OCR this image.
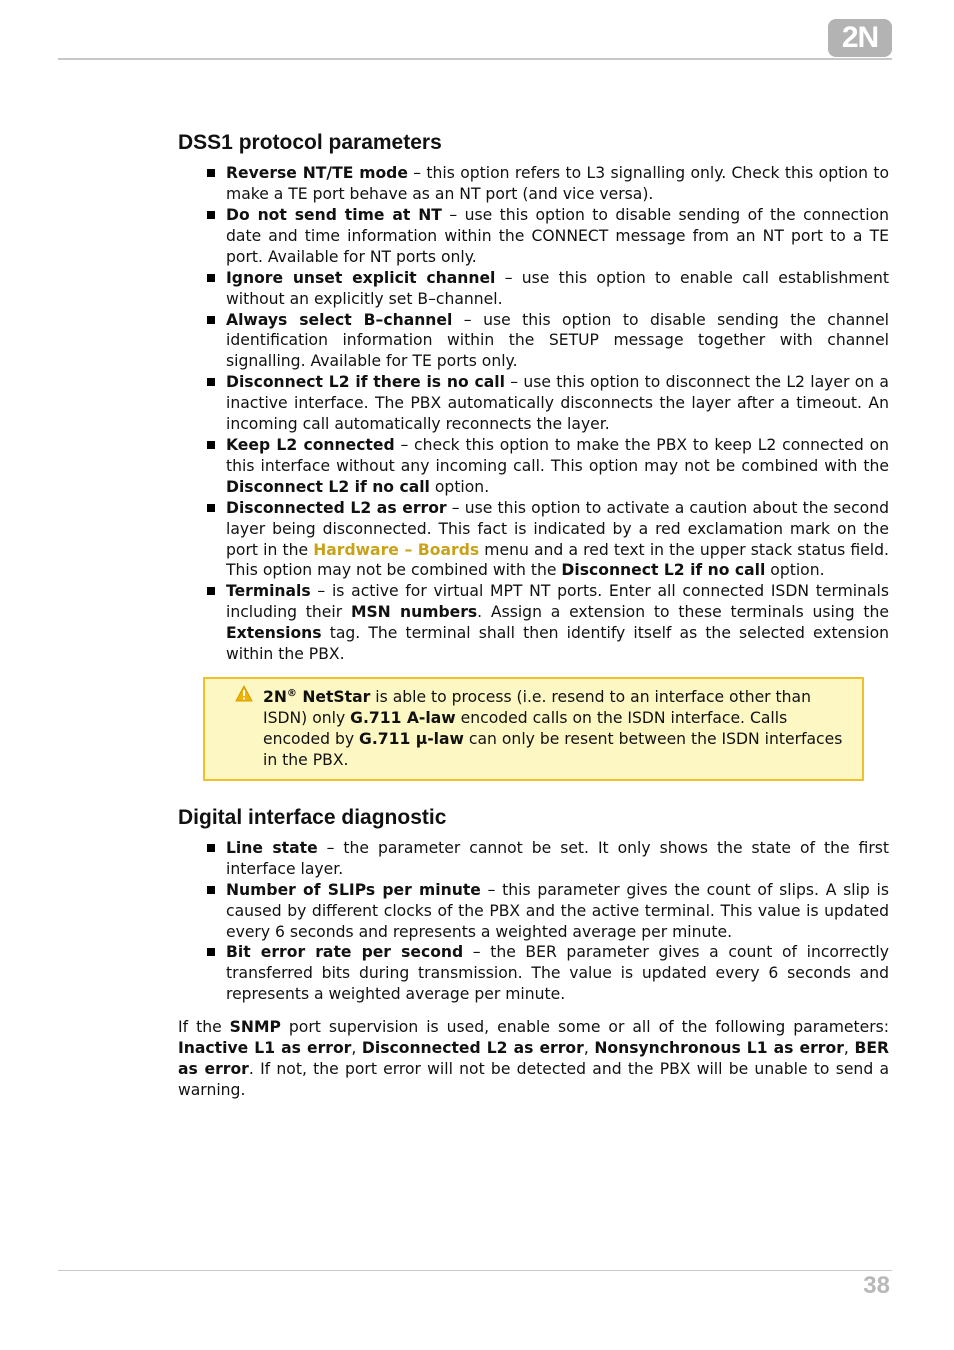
2N
DSS1 protocol parameters
Reverse NT/TE mode – this option refers to L3 signalling only. Check this option to make a TE port behave as an NT port (and vice versa).
Do not send time at NT – use this option to disable sending of the connection date and time information within the CONNECT message from an NT port to a TE port. Available for NT ports only.
Ignore unset explicit channel – use this option to enable call establishment without an explicitly set B–channel.
Always select B–channel – use this option to disable sending the channel identification information within the SETUP message together with channel signalling. Available for TE ports only.
Disconnect L2 if there is no call – use this option to disconnect the L2 layer on a inactive interface. The PBX automatically disconnects the layer after a timeout. An incoming call automatically reconnects the layer.
Keep L2 connected – check this option to make the PBX to keep L2 connected on this interface without any incoming call. This option may not be combined with the Disconnect L2 if no call option.
Disconnected L2 as error – use this option to activate a caution about the second layer being disconnected. This fact is indicated by a red exclamation mark on the port in the Hardware – Boards menu and a red text in the upper stack status field. This option may not be combined with the Disconnect L2 if no call option.
Terminals – is active for virtual MPT NT ports. Enter all connected ISDN terminals including their MSN numbers. Assign a extension to these terminals using the Extensions tag. The terminal shall then identify itself as the selected extension within the PBX.
2N® NetStar is able to process (i.e. resend to an interface other than ISDN) only G.711 A-law encoded calls on the ISDN interface. Calls encoded by G.711 μ-law can only be resent between the ISDN interfaces in the PBX.
Digital interface diagnostic
Line state – the parameter cannot be set. It only shows the state of the first interface layer.
Number of SLIPs per minute – this parameter gives the count of slips. A slip is caused by different clocks of the PBX and the active terminal. This value is updated every 6 seconds and represents a weighted average per minute.
Bit error rate per second – the BER parameter gives a count of incorrectly transferred bits during transmission. The value is updated every 6 seconds and represents a weighted average per minute.

If the SNMP port supervision is used, enable some or all of the following parameters: Inactive L1 as error, Disconnected L2 as error, Nonsynchronous L1 as error, BER as error. If not, the port error will not be detected and the PBX will be unable to send a warning.

38
